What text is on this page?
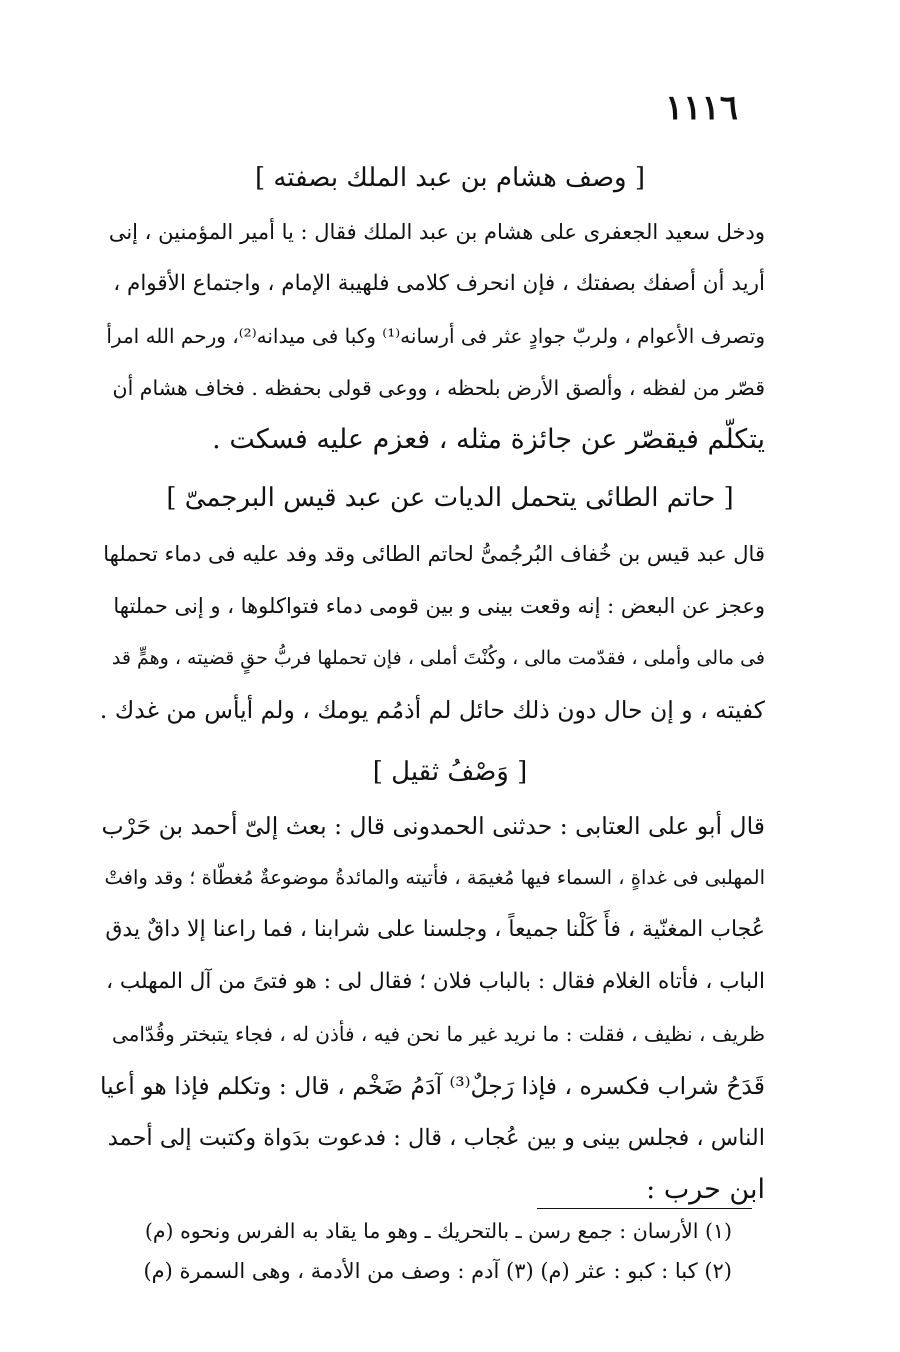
١١١٦
[ وصف هشام بن عبد الملك بصفته ]
ودخل سعيد الجعفرى على هشام بن عبد الملك فقال : يا أمير المؤمنين ، إنى
أريد أن أصفك بصفتك ، فإن انحرف كلامى فلهيبة الإمام ، واجتماع الأقوام ،
وتصرف الأعوام ، ولربّ جوادٍ عثر فى أرسانه⁽¹⁾ وكبا فى ميدانه⁽²⁾، ورحم الله امرأ
قصّر من لفظه ، وألصق الأرض بلحظه ، ووعى قولى بحفظه . فخاف هشام أن
يتكلّم فيقصّر عن جائزة مثله ، فعزم عليه فسكت .
[ حاتم الطائى يتحمل الديات عن عبد قيس البرجمىّ ]
قال عبد قيس بن خُفاف البُرجُمىُّ لحاتم الطائى وقد وفد عليه فى دماء تحملها
وعجز عن البعض : إنه وقعت بينى و بين قومى دماء فتواكلوها ، و إنى حملتها
فى مالى وأملى ، فقدّمت مالى ، وكُنْتَ أملى ، فإن تحملها فربُّ حقٍ قضيته ، وهمٍّ قد
كفيته ، و إن حال دون ذلك حائل لم أذمُم يومك ، ولم أيأس من غدك .
[ وَصْفُ ثقيل ]
قال أبو على العتابى : حدثنى الحمدونى قال : بعث إلىّ أحمد بن حَرْب
المهلبى فى غداةٍ ، السماء فيها مُغيمَة ، فأتيته والمائدةُ موضوعةٌ مُغطّاة ؛ وقد وافتْ
عُجاب المغنّية ، فأَ كَلْنا جميعاً ، وجلسنا على شرابنا ، فما راعنا إلا داقٌ يدق
الباب ، فأتاه الغلام فقال : بالباب فلان ؛ فقال لى : هو فتىً من آل المهلب ،
ظريف ، نظيف ، فقلت : ما نريد غير ما نحن فيه ، فأذن له ، فجاء يتبختر وقُدّامى
قَدَحُ شراب فكسره ، فإذا رَجلٌ⁽³⁾ آدَمُ ضَخْم ، قال : وتكلم فإذا هو أعيا
الناس ، فجلس بينى و بين عُجاب ، قال : فدعوت بدَواة وكتبت إلى أحمد
ابن حرب :
(١) الأرسان : جمع رسن ـ بالتحريك ـ وهو ما يقاد به الفرس ونحوه (م)
(٢) كبا : كبو : عثر (م) (٣) آدم : وصف من الأدمة ، وهى السمرة (م)
